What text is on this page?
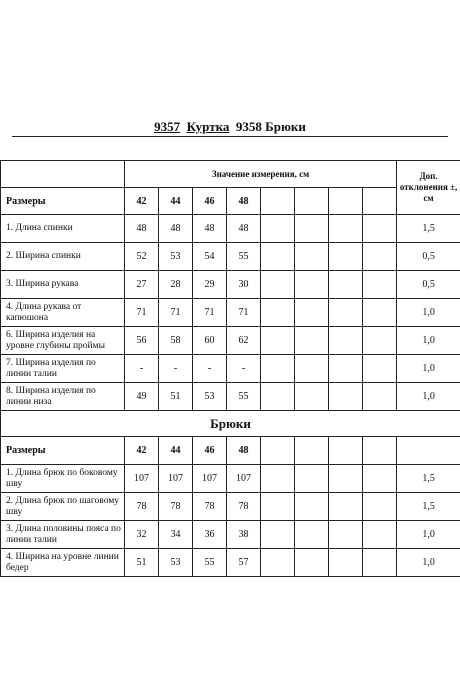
9357 Куртка 9358 Брюки
	Значение измерения, см								Доп. отклонения ±, см
Размеры	42	44	46	48					
1. Длина спинки	48	48	48	48					1,5
2. Ширина спинки	52	53	54	55					0,5
3. Ширина рукава	27	28	29	30					0,5
4. Длина рукава от капюшона	71	71	71	71					1,0
6. Ширина изделия на уровне глубины проймы	56	58	60	62					1,0
7. Ширина изделия по линии талии	-	-	-	-					1,0
8. Ширина изделия по линии низа	49	51	53	55					1,0
Брюки									
Размеры	42	44	46	48					
1. Длина брюк по боковому шву	107	107	107	107					1,5
2. Длина брюк по шаговому шву	78	78	78	78					1,5
3. Длина половины пояса по линии талии	32	34	36	38					1,0
4. Ширина на уровне линии бедер	51	53	55	57					1,0
